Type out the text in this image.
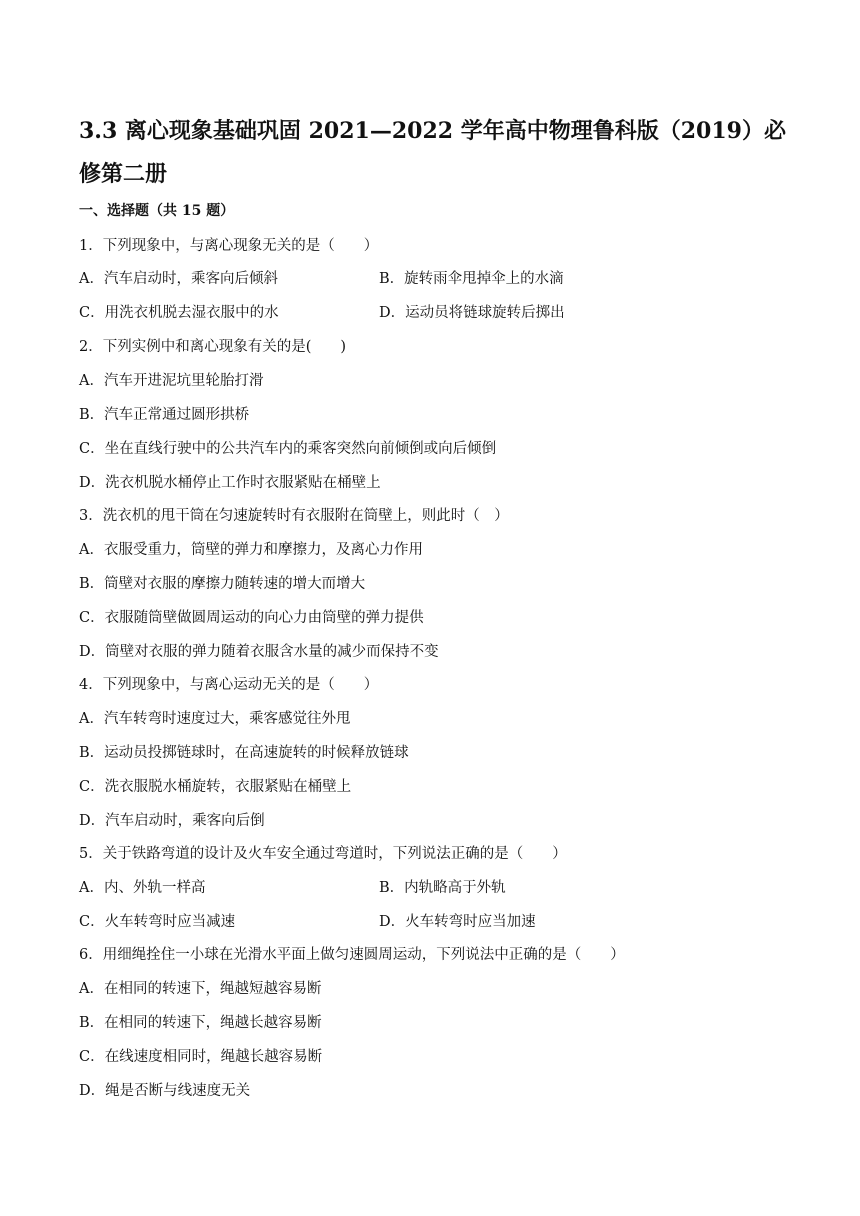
3.3 离心现象基础巩固 2021—2022 学年高中物理鲁科版（2019）必修第二册
一、选择题（共 15 题）

1．下列现象中，与离心现象无关的是（　　）

A．汽车启动时，乘客向后倾斜	B．旋转雨伞甩掉伞上的水滴
C．用洗衣机脱去湿衣服中的水	D．运动员将链球旋转后掷出

2．下列实例中和离心现象有关的是(　　)

A．汽车开进泥坑里轮胎打滑

B．汽车正常通过圆形拱桥

C．坐在直线行驶中的公共汽车内的乘客突然向前倾倒或向后倾倒

D．洗衣机脱水桶停止工作时衣服紧贴在桶壁上

3．洗衣机的甩干筒在匀速旋转时有衣服附在筒壁上，则此时（　）

A．衣服受重力，筒壁的弹力和摩擦力，及离心力作用

B．筒壁对衣服的摩擦力随转速的增大而增大

C．衣服随筒壁做圆周运动的向心力由筒壁的弹力提供

D．筒壁对衣服的弹力随着衣服含水量的减少而保持不变

4．下列现象中，与离心运动无关的是（　　）

A．汽车转弯时速度过大，乘客感觉往外甩

B．运动员投掷链球时，在高速旋转的时候释放链球

C．洗衣服脱水桶旋转，衣服紧贴在桶壁上

D．汽车启动时，乘客向后倒

5．关于铁路弯道的设计及火车安全通过弯道时，下列说法正确的是（　　）

A．内、外轨一样高	B．内轨略高于外轨
C．火车转弯时应当减速	D．火车转弯时应当加速

6．用细绳拴住一小球在光滑水平面上做匀速圆周运动，下列说法中正确的是（　　）

A．在相同的转速下，绳越短越容易断

B．在相同的转速下，绳越长越容易断

C．在线速度相同时，绳越长越容易断

D．绳是否断与线速度无关
